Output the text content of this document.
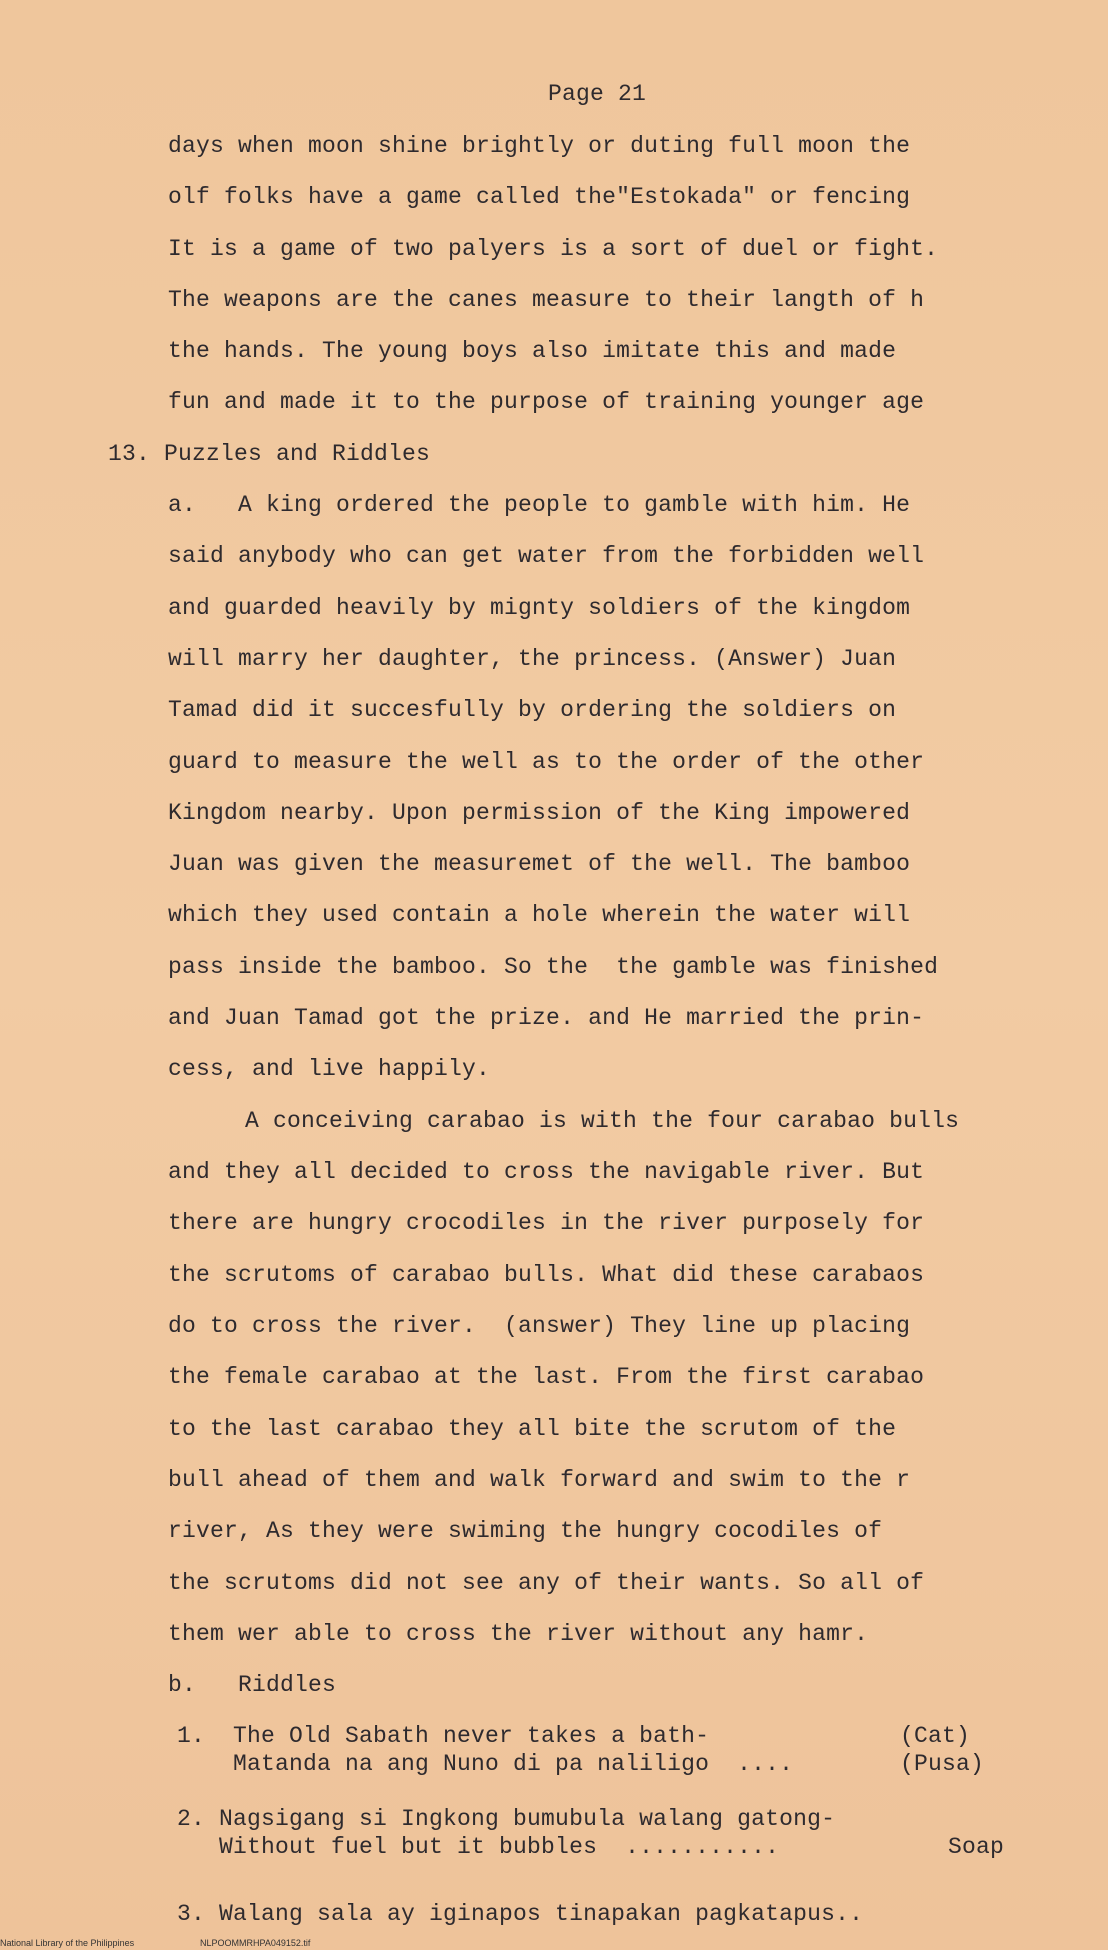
Page 21
days when moon shine brightly or duting full moon the
olf folks have a game called the"Estokada" or fencing
It is a game of two palyers is a sort of duel or fight.
The weapons are the canes measure to their langth of h
the hands. The young boys also imitate this and made
fun and made it to the purpose of training younger age
13. Puzzles and Riddles
a.   A king ordered the people to gamble with him. He
said anybody who can get water from the forbidden well
and guarded heavily by mignty soldiers of the kingdom
will marry her daughter, the princess. (Answer) Juan
Tamad did it succesfully by ordering the soldiers on
guard to measure the well as to the order of the other
Kingdom nearby. Upon permission of the King impowered
Juan was given the measuremet of the well. The bamboo
which they used contain a hole wherein the water will
pass inside the bamboo. So the  the gamble was finished
and Juan Tamad got the prize. and He married the prin-
cess, and live happily.
A conceiving carabao is with the four carabao bulls
and they all decided to cross the navigable river. But
there are hungry crocodiles in the river purposely for
the scrutoms of carabao bulls. What did these carabaos
do to cross the river.  (answer) They line up placing
the female carabao at the last. From the first carabao
to the last carabao they all bite the scrutom of the
bull ahead of them and walk forward and swim to the r
river, As they were swiming the hungry cocodiles of
the scrutoms did not see any of their wants. So all of
them wer able to cross the river without any hamr.
b.   Riddles
1.  The Old Sabath never takes a bath-	(Cat)
Matanda na ang Nuno di pa naliligo  ....	(Pusa)
2. Nagsigang si Ingkong bumubula walang gatong-
Without fuel but it bubbles  ...........	Soap
3. Walang sala ay iginapos tinapakan pagkatapus..
National Library of the Philippines	NLPOOMMRHPA049152.tif
